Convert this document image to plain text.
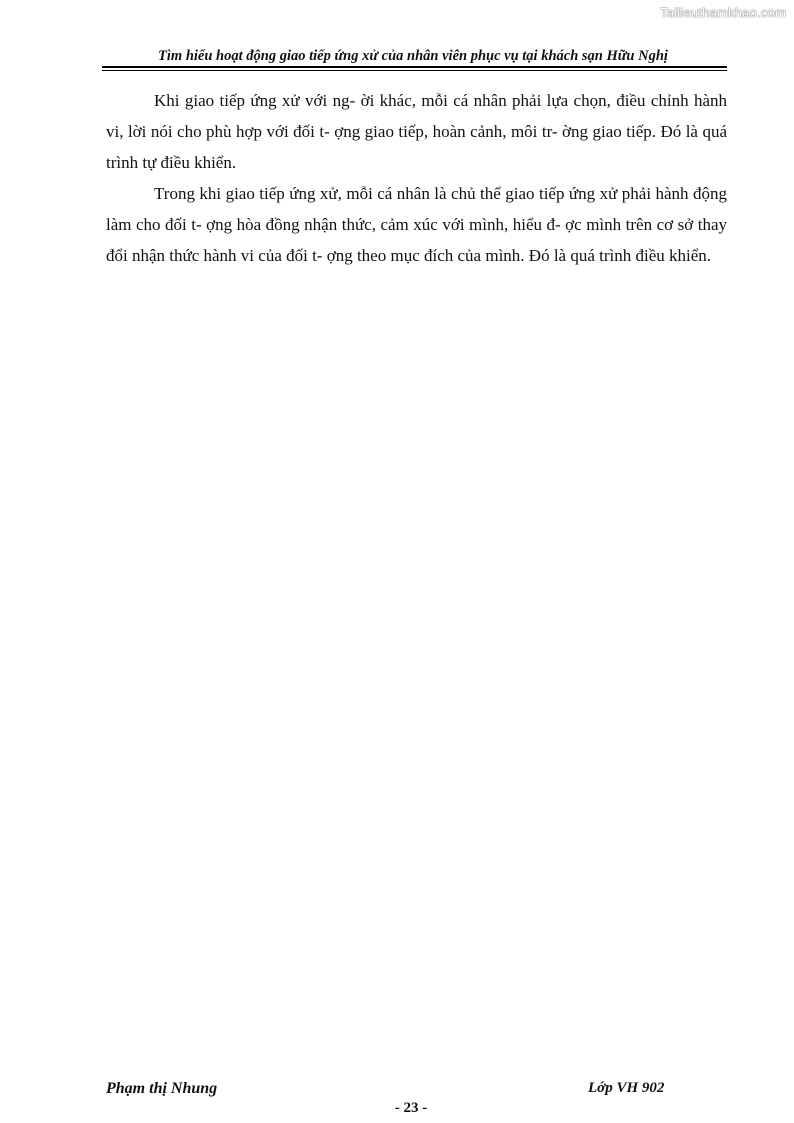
Tailieuthamkhao.com
Tìm hiểu hoạt động giao tiếp ứng xử của nhân viên phục vụ tại khách sạn Hữu Nghị

Khi giao tiếp ứng xử với ng- ời khác, mỗi cá nhân phải lựa chọn, điều chỉnh hành vi, lời nói cho phù hợp với đối t- ợng giao tiếp, hoàn cảnh, môi tr- ờng giao tiếp. Đó là quá trình tự điều khiển.

Trong khi giao tiếp ứng xử, mỗi cá nhân là chủ thể giao tiếp ứng xử phải hành động làm cho đối t- ợng hòa đồng nhận thức, cảm xúc với mình, hiểu đ- ợc mình trên cơ sở thay đổi nhận thức hành vi của đối t- ợng theo mục đích của mình. Đó là quá trình điều khiển.

Phạm thị Nhung	Lớp VH 902
- 23 -
